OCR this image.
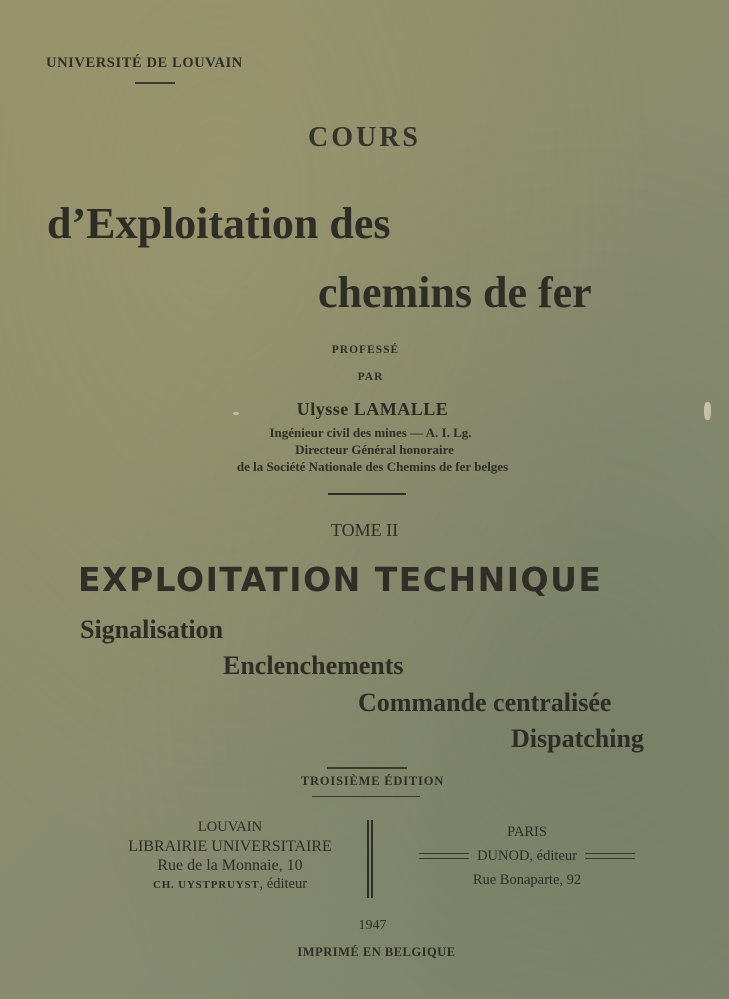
UNIVERSITÉ DE LOUVAIN
COURS
d’Exploitation des
chemins de fer
PROFESSÉ
PAR
Ulysse LAMALLE
Ingénieur civil des mines — A. I. Lg.
Directeur Général honoraire
de la Société Nationale des Chemins de fer belges
TOME II
EXPLOITATION TECHNIQUE
Signalisation
Enclenchements
Commande centralisée
Dispatching
TROISIÈME ÉDITION
LOUVAIN
LIBRAIRIE UNIVERSITAIRE
Rue de la Monnaie, 10
CH. UYSTPRUYST, éditeur
PARIS
DUNOD, éditeur
Rue Bonaparte, 92
1947
IMPRIMÉ EN BELGIQUE
